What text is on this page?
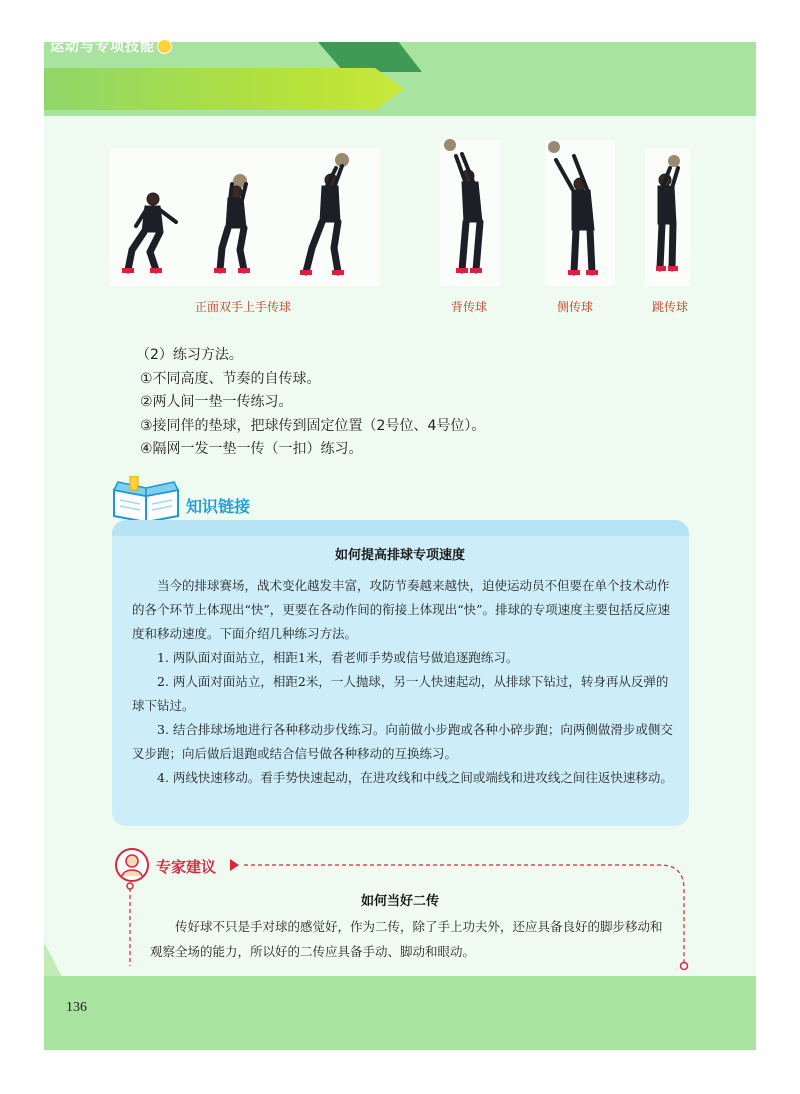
运动与专项技能
正面双手上手传球	背传球	侧传球	跳传球
（2）练习方法。
①不同高度、节奏的自传球。
②两人间一垫一传练习。
③接同伴的垫球，把球传到固定位置（2号位、4号位）。
④隔网一发一垫一传（一扣）练习。
知识链接
如何提高排球专项速度

当今的排球赛场，战术变化越发丰富，攻防节奏越来越快，迫使运动员不但要在单个技术动作的各个环节上体现出“快”，更要在各动作间的衔接上体现出“快”。排球的专项速度主要包括反应速度和移动速度。下面介绍几种练习方法。

1. 两队面对面站立，相距1米，看老师手势或信号做追逐跑练习。

2. 两人面对面站立，相距2米，一人抛球，另一人快速起动，从排球下钻过，转身再从反弹的球下钻过。

3. 结合排球场地进行各种移动步伐练习。向前做小步跑或各种小碎步跑；向两侧做滑步或侧交叉步跑；向后做后退跑或结合信号做各种移动的互换练习。

4. 两线快速移动。看手势快速起动，在进攻线和中线之间或端线和进攻线之间往返快速移动。

专家建议
如何当好二传

传好球不只是手对球的感觉好，作为二传，除了手上功夫外，还应具备良好的脚步移动和观察全场的能力，所以好的二传应具备手动、脚动和眼动。

136
